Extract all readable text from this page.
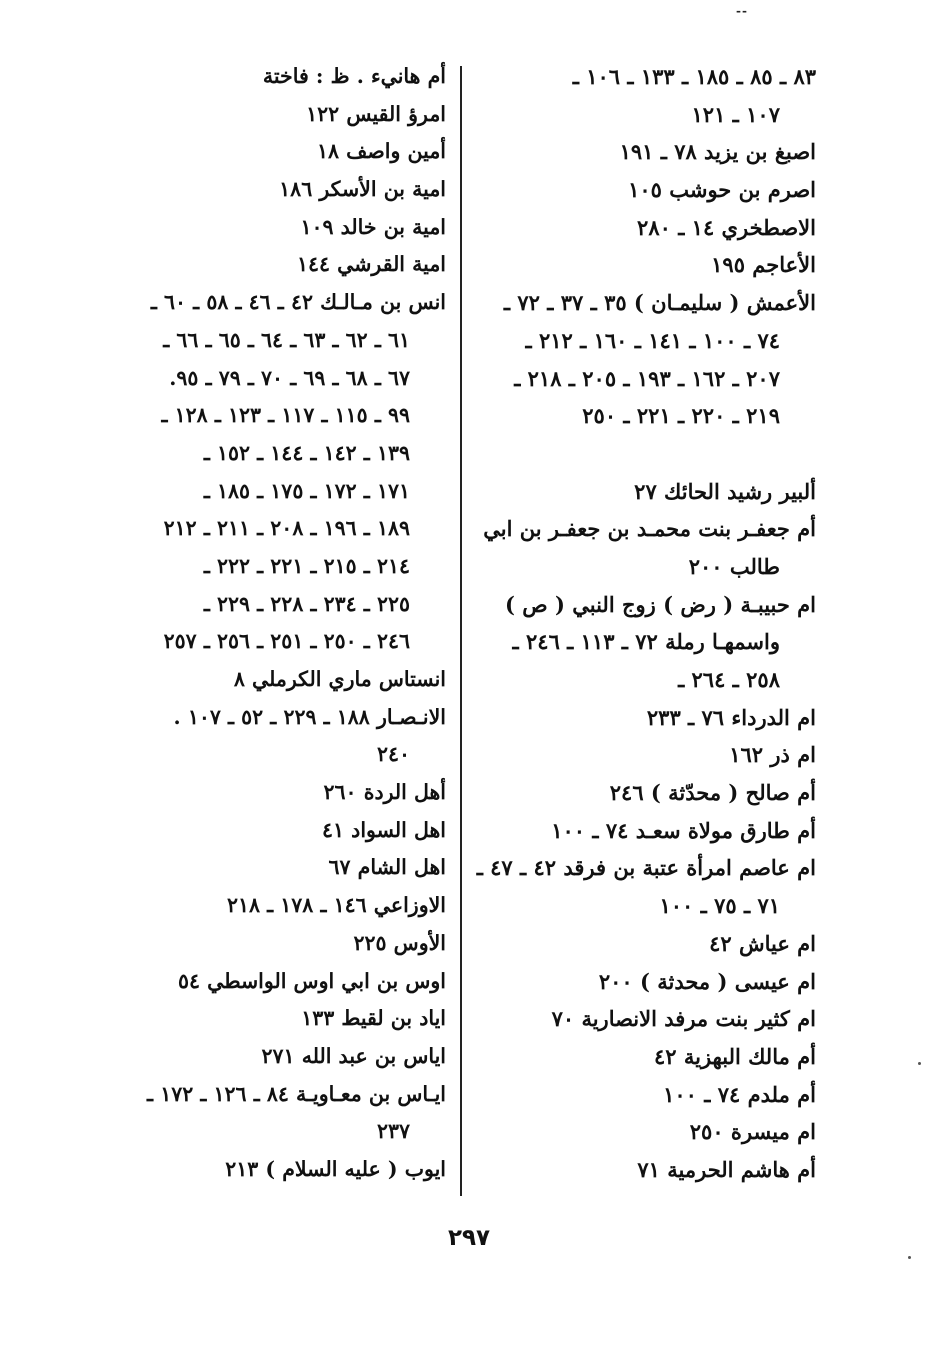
--
٨٣ ـ ٨٥ ـ ١٨٥ ـ ١٣٣ ـ ١٠٦ ـ
١٠٧ ـ ١٢١
اصبغ بن يزيد ٧٨ ـ ١٩١
اصرم بن حوشب ١٠٥
الاصطخري ١٤ ـ ٢٨٠
الأعاجم ١٩٥
الأعمش ( سليمـان ) ٣٥ ـ ٣٧ ـ ٧٢ ـ
٧٤ ـ ١٠٠ ـ ١٤١ ـ ١٦٠ ـ ٢١٢ ـ
٢٠٧ ـ ١٦٢ ـ ١٩٣ ـ ٢٠٥ ـ ٢١٨ ـ
٢١٩ ـ ٢٢٠ ـ ٢٢١ ـ ٢٥٠
ألبير رشيد الحائك ٢٧
أم جعفـر بنت محمـد بن جعفـر بن ابي
طالب ٢٠٠
ام حبيبـة ( رض ) زوج النبي ( ص )
واسمهـا رملة ٧٢ ـ ١١٣ ـ ٢٤٦ ـ
٢٥٨ ـ ٢٦٤ ـ
ام الدرداء ٧٦ ـ ٢٣٣
ام ذر ١٦٢
أم صالح ( محدّثة ) ٢٤٦
أم طارق مولاة سعـد ٧٤ ـ ١٠٠
ام عاصم امرأة عتبة بن فرقد ٤٢ ـ ٤٧ ـ
٧١ ـ ٧٥ ـ ١٠٠
ام عياش ٤٢
ام عيسى ( محدثة ) ٢٠٠
ام كثير بنت مرفد الانصارية ٧٠
أم مالك البهزية ٤٢
أم ملدم ٧٤ ـ ١٠٠
ام ميسرة ٢٥٠
أم هاشم الحرمية ٧١
أم هانيء . ظ : فاختة
امرؤ القيس ١٢٢
أمين واصف ١٨
امية بن الأسكر ١٨٦
امية بن خالد ١٠٩
امية القرشي ١٤٤
انس بن مـالـك ٤٢ ـ ٤٦ ـ ٥٨ ـ ٦٠ ـ
٦١ ـ ٦٢ ـ ٦٣ ـ ٦٤ ـ ٦٥ ـ ٦٦ ـ
٦٧ ـ ٦٨ ـ ٦٩ ـ ٧٠ ـ ٧٩ ـ ٩٥.
٩٩ ـ ١١٥ ـ ١١٧ ـ ١٢٣ ـ ١٢٨ ـ
١٣٩ ـ ١٤٢ ـ ١٤٤ ـ ١٥٢ ـ
١٧١ ـ ١٧٢ ـ ١٧٥ ـ ١٨٥ ـ
١٨٩ ـ ١٩٦ ـ ٢٠٨ ـ ٢١١ ـ ٢١٢
٢١٤ ـ ٢١٥ ـ ٢٢١ ـ ٢٢٢ ـ
٢٢٥ ـ ٢٣٤ ـ ٢٢٨ ـ ٢٢٩ ـ
٢٤٦ ـ ٢٥٠ ـ ٢٥١ ـ ٢٥٦ ـ ٢٥٧
انستاس ماري الكرملي ٨
الانـصـار ١٨٨ ـ ٢٢٩ ـ ٥٢ ـ ١٠٧ .
٢٤٠
أهل الردة ٢٦٠
اهل السواد ٤١
اهل الشام ٦٧
الاوزاعي ١٤٦ ـ ١٧٨ ـ ٢١٨
الأوس ٢٢٥
اوس بن ابي اوس الواسطي ٥٤
اياد بن لقيط ١٣٣
اياس بن عبد الله ٢٧١
ايـاس بن معـاويـة ٨٤ ـ ١٢٦ ـ ١٧٢ ـ
٢٣٧
ايوب ( عليه السلام ) ٢١٣
٢٩٧
